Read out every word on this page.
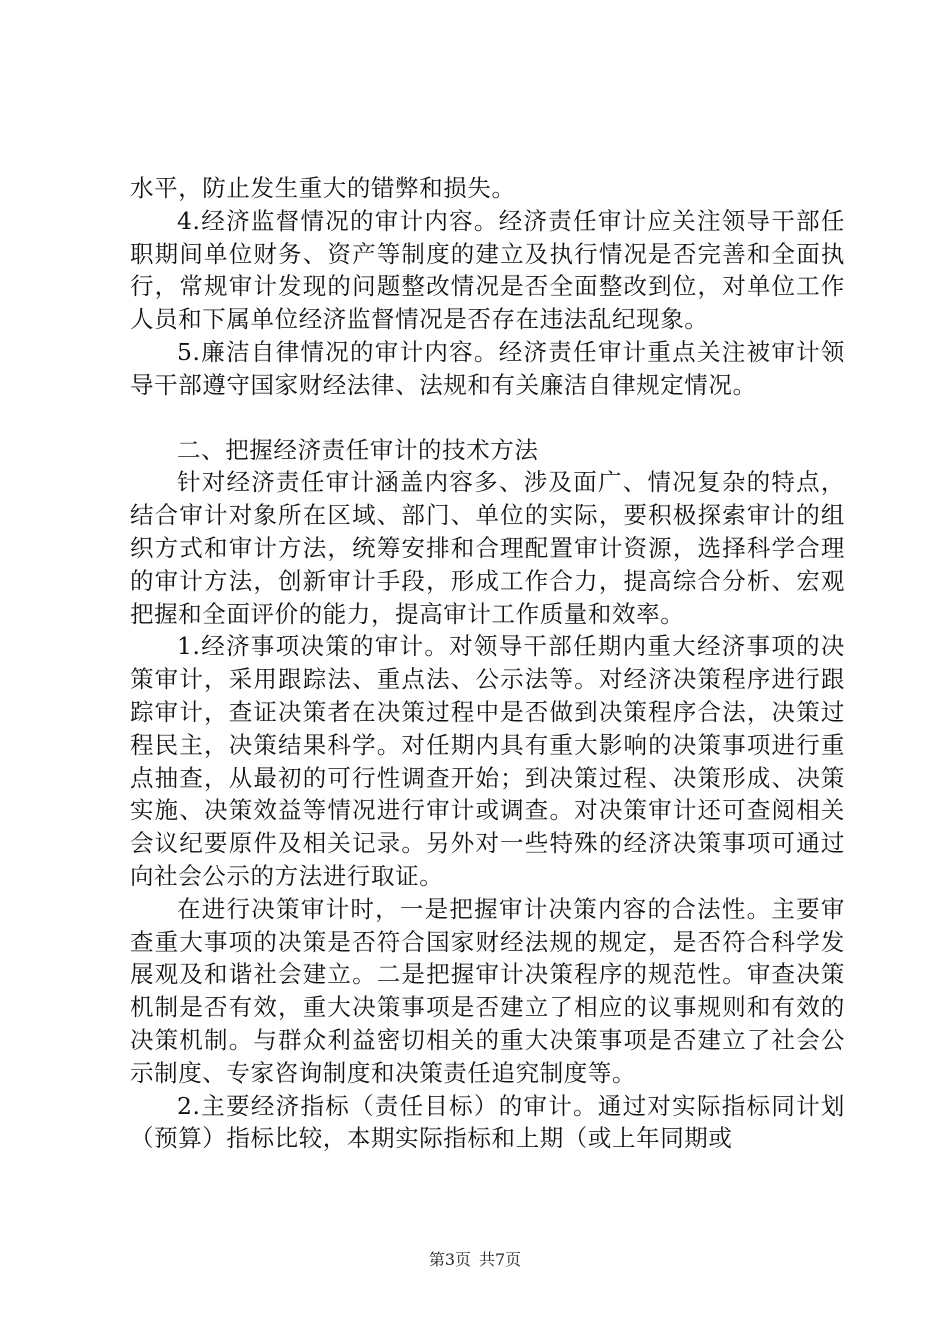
水平，防止发生重大的错弊和损失。

4.经济监督情况的审计内容。经济责任审计应关注领导干部任职期间单位财务、资产等制度的建立及执行情况是否完善和全面执行，常规审计发现的问题整改情况是否全面整改到位，对单位工作人员和下属单位经济监督情况是否存在违法乱纪现象。

5.廉洁自律情况的审计内容。经济责任审计重点关注被审计领导干部遵守国家财经法律、法规和有关廉洁自律规定情况。

二、把握经济责任审计的技术方法

针对经济责任审计涵盖内容多、涉及面广、情况复杂的特点，结合审计对象所在区域、部门、单位的实际，要积极探索审计的组织方式和审计方法，统筹安排和合理配置审计资源，选择科学合理的审计方法，创新审计手段，形成工作合力，提高综合分析、宏观把握和全面评价的能力，提高审计工作质量和效率。

1.经济事项决策的审计。对领导干部任期内重大经济事项的决策审计，采用跟踪法、重点法、公示法等。对经济决策程序进行跟踪审计，查证决策者在决策过程中是否做到决策程序合法，决策过程民主，决策结果科学。对任期内具有重大影响的决策事项进行重点抽查，从最初的可行性调查开始；到决策过程、决策形成、决策实施、决策效益等情况进行审计或调查。对决策审计还可查阅相关会议纪要原件及相关记录。另外对一些特殊的经济决策事项可通过向社会公示的方法进行取证。

在进行决策审计时，一是把握审计决策内容的合法性。主要审查重大事项的决策是否符合国家财经法规的规定，是否符合科学发展观及和谐社会建立。二是把握审计决策程序的规范性。审查决策机制是否有效，重大决策事项是否建立了相应的议事规则和有效的决策机制。与群众利益密切相关的重大决策事项是否建立了社会公示制度、专家咨询制度和决策责任追究制度等。

2.主要经济指标（责任目标）的审计。通过对实际指标同计划（预算）指标比较，本期实际指标和上期（或上年同期或

第3页 共7页
